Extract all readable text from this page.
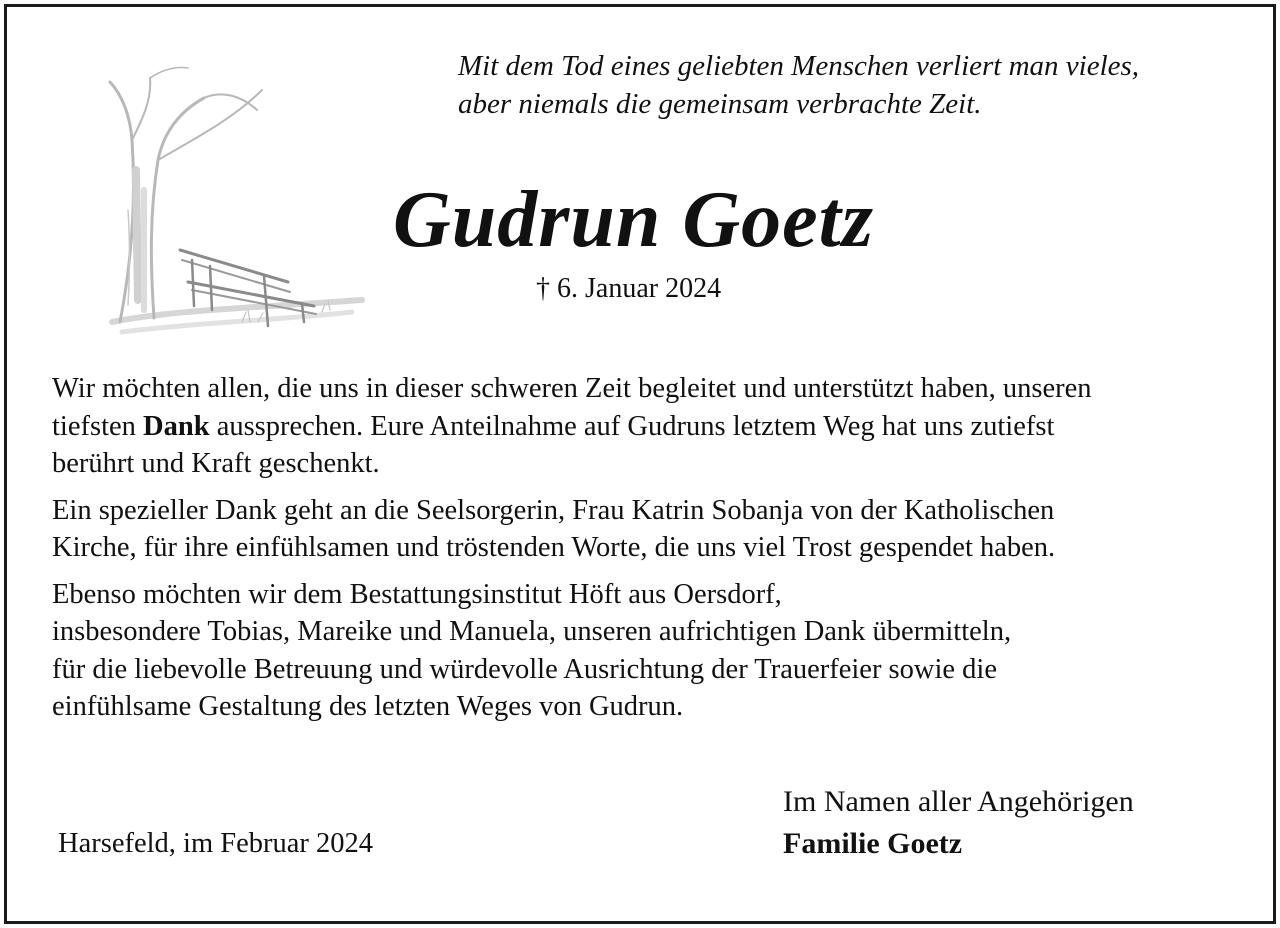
Mit dem Tod eines geliebten Menschen verliert man vieles,
aber niemals die gemeinsam verbrachte Zeit.
Gudrun Goetz
† 6. Januar 2024

Wir möchten allen, die uns in dieser schweren Zeit begleitet und unterstützt haben, unseren
tiefsten Dank aussprechen. Eure Anteilnahme auf Gudruns letztem Weg hat uns zutiefst
berührt und Kraft geschenkt.

Ein spezieller Dank geht an die Seelsorgerin, Frau Katrin Sobanja von der Katholischen
Kirche, für ihre einfühlsamen und tröstenden Worte, die uns viel Trost gespendet haben.

Ebenso möchten wir dem Bestattungsinstitut Höft aus Oersdorf,
insbesondere Tobias, Mareike und Manuela, unseren aufrichtigen Dank übermitteln,
für die liebevolle Betreuung und würdevolle Ausrichtung der Trauerfeier sowie die
einfühlsame Gestaltung des letzten Weges von Gudrun.

Harsefeld, im Februar 2024
Im Namen aller Angehörigen
Familie Goetz
